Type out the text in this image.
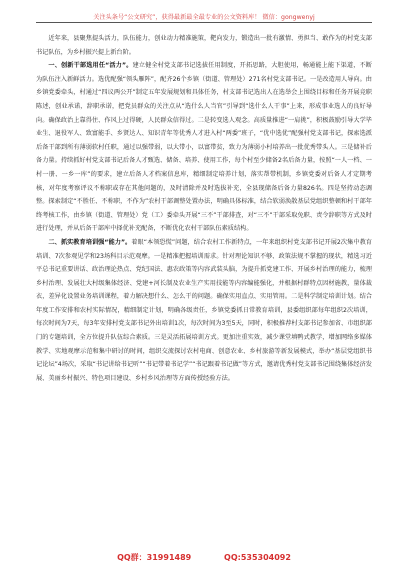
关注头条号“公文研究”，获得最新最全最专业的公文资料库！ 微信：gongwenyj

近年来，县聚焦提头活力，队伍能力，创业动力精准施策，靶向发力，锻造出一批有激情、勇担当、敢作为的村党支部书记队伍，为乡村振兴提上新台阶。

一、创新干部选用任“活力”。建立健全村党支部书记选拔任用制度，开拓思路，大胆使用，畅通能上能下渠道，不断为队伍注入新鲜活力。选优配强“领头雁阵”，配齐26个乡镇（街道、管理处）271名村党支部书记。一是改造用人导向。由乡镇党委牵头，村通过“四议两公开”制定五年发展规划和具体任务，村支部书记选出人在选举会上围绕目标和任务开展竞职陈述，创业承诺，辞职承诺，把党员群众的关注点从“选什么人当官”引导到“选什么人干事”上来，形成事业选人的良好导向。确保政治上靠得住、作风上过得硬，人民群众信得过。二是转变选人观念。高质量推进“一肩挑”，积极鼓励引导大学毕业生、退役军人、致富能手、乡贤达人、知识青年等优秀人才进入村“两委”班子，“优中选优”配强村党支部书记，探索选派后备干部到所有薄弱软村任职，通过以强带弱，以大带小，以富带贫，致力为薄弱小村培养出一批优秀带头人。三是储补后备力量。持续抓好村党支部书记后备人才甄选、储备、培养、使用工作，每个村至少储备2名后备力量，按照“一人一档、一村一册、一乡一库”的要求，建立后备人才档案信息库，精细制定培养计划，落实帮带机制，乡镇党委对后备人才定期考核，对年度考察评议不称职或存在其他问题的，及时清除并及时选拔补充，全县现储备后备力量826名。四是坚持动态调整。探索制定“不胜任、不称职，不作为”农村干部调整处置办法，明确具体标准，结合软弱涣散基层党组织整顿和村干部年终考核工作，由乡镇（街道、管理处）党（工）委牵头开展“三不”干部排查，对“三不”干部采取免职、责令辞职等方式及时进行处理，并从后备干部库中择优补充配备，不断优化农村干部队伍素质结构。

二、抓实教育培训强“能力”。着眼“本领恐慌”问题，结合农村工作新特点，一年来组织村党支部书记开展2次集中教育培训、7次参观见学和23场科目示范观摩。一是精准把握培训需求。针对理论知识不够、政策法规不掌握的现状，精选习近平总书记重要讲话、政治理论热点、党纪国法、惠农政策等内容武装头脑，为提升抓党建工作、开展乡村治理的能力，梳理乡村治理、发展壮大村级集体经济、党建+河长制及农业生产实用技能等内容编能强化，并根据村群特点因材施教，量体裁衣，差异化设置业务培训课程，着力解决想什么、怎么干的问题。确保实用直点、实用管用。二是科学制定培训计划。结合年度工作安排和农村实际情况，精细制定计划，明确各级责任，乡镇党委抓日常教育培训，县委组织部每年组织2次培训，每次时间为7天，每3年安排村党支部书记外出培训1次，每次时间为3至5天，同时，积极推荐村支部书记参加省、市组织部门的专题培训，全方位提升队伍综合素质。三是灵活拓展培训方式。更加注重实效，减少课堂填鸭式教学，增加网络多媒体教学、实地观摩示范和集中研讨的时间，组织交流探讨农村电商、创意农业、乡村旅游等新发展模式，举办“基层党组织书记论坛”4场次，采取“书记讲给书记听”“书记带着书记学”“书记跟着书记做”等方式，邀请优秀村党支部书记围绕集体经济发展、美丽乡村振兴、特色项目建设、乡村乡风治理等方面传授经验方法。

QQ群：31991489	QQ:535304092
